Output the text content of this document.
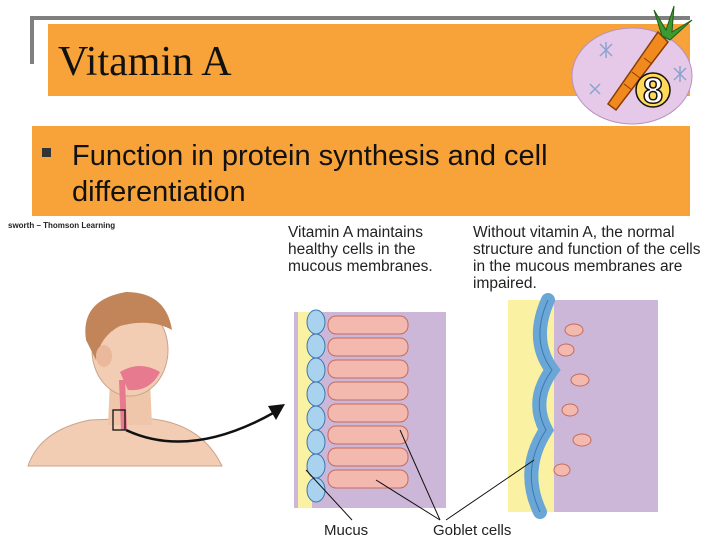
Vitamin A
8
Function in protein synthesis and cell differentiation
sworth – Thomson Learning	Vitamin A maintains healthy cells in the mucous membranes.
Without vitamin A, the normal structure and function of the cells in the mucous membranes are impaired.
Mucus	Goblet cells
